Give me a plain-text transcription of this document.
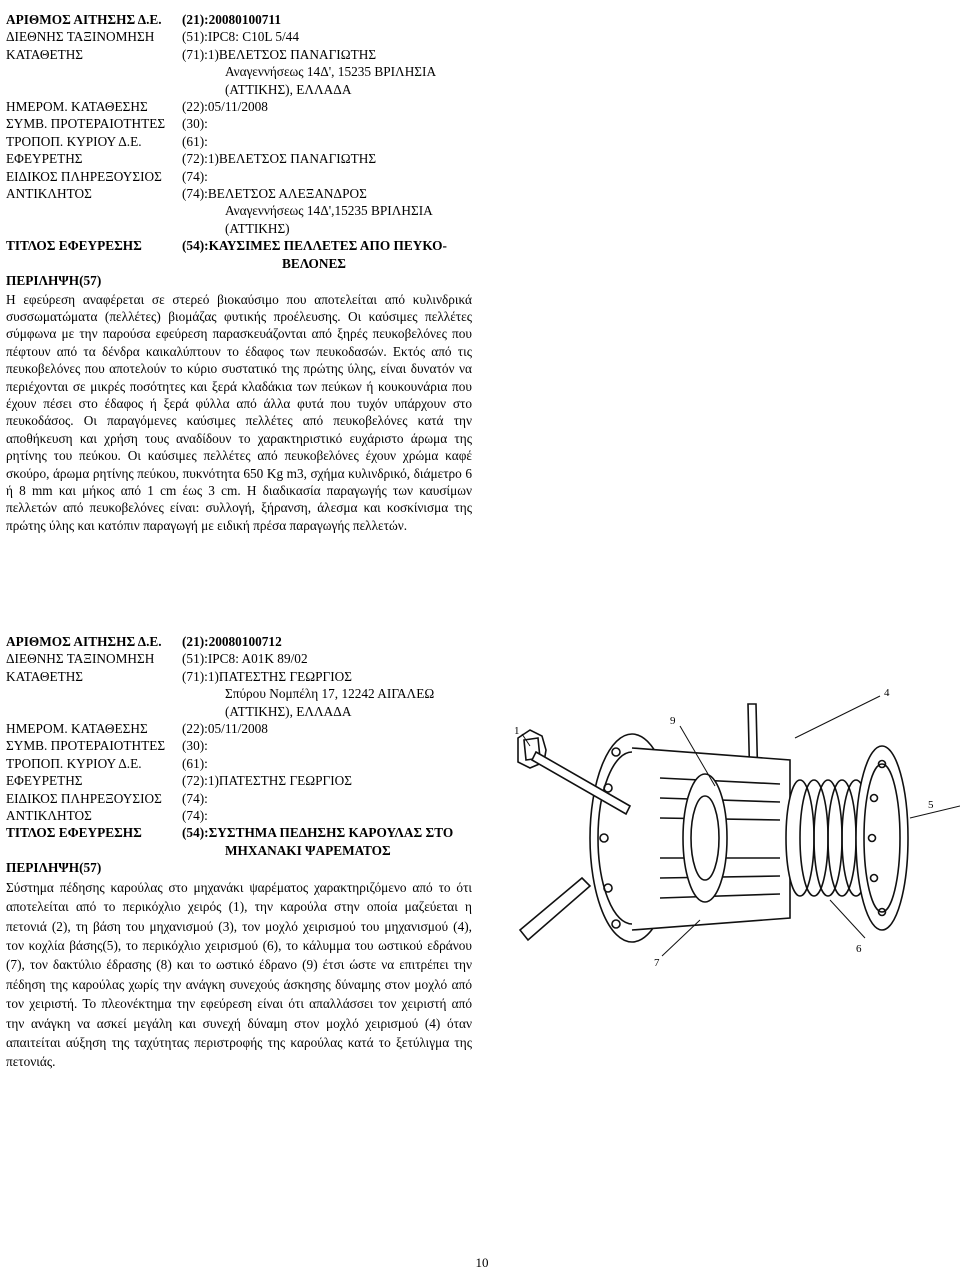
ΑΡΙΘΜΟΣ ΑΙΤΗΣΗΣ Δ.Ε.	(21):20080100711
ΔΙΕΘΝΗΣ ΤΑΞΙΝΟΜΗΣΗ	(51):IPC8: C10L 5/44
ΚΑΤΑΘΕΤΗΣ	(71):1)ΒΕΛΕΤΣΟΣ ΠΑΝΑΓΙΩΤΗΣ
Αναγεννήσεως 14Δ', 15235 ΒΡΙΛΗΣΙΑ
(ΑΤΤΙΚΗΣ), ΕΛΛΑΔΑ
ΗΜΕΡΟΜ. ΚΑΤΑΘΕΣΗΣ	(22):05/11/2008
ΣΥΜΒ. ΠΡΟΤΕΡΑΙΟΤΗΤΕΣ	(30):
ΤΡΟΠΟΠ. ΚΥΡΙΟΥ Δ.Ε.	(61):
ΕΦΕΥΡΕΤΗΣ	(72):1)ΒΕΛΕΤΣΟΣ ΠΑΝΑΓΙΩΤΗΣ
ΕΙΔΙΚΟΣ ΠΛΗΡΕΞΟΥΣΙΟΣ	(74):
ΑΝΤΙΚΛΗΤΟΣ	(74):ΒΕΛΕΤΣΟΣ ΑΛΕΞΑΝΔΡΟΣ
Αναγεννήσεως 14Δ',15235 ΒΡΙΛΗΣΙΑ
(ΑΤΤΙΚΗΣ)
ΤΙΤΛΟΣ ΕΦΕΥΡΕΣΗΣ	(54):ΚΑΥΣΙΜΕΣ ΠΕΛΛΕΤΕΣ ΑΠΟ ΠΕΥΚΟ-
ΒΕΛΟΝΕΣ
ΠΕΡΙΛΗΨΗ(57)
Η εφεύρεση αναφέρεται σε στερεό βιοκαύσιμο που αποτελείται από κυλινδρικά συσσωματώματα (πελλέτες) βιομάζας φυτικής προέλευσης. Οι καύσιμες πελλέτες σύμφωνα με την παρούσα εφεύρεση παρασκευάζονται από ξηρές πευκοβελόνες που πέφτουν από τα δένδρα καικαλύπτουν το έδαφος των πευκοδασών. Εκτός από τις πευκοβελόνες που αποτελούν το κύριο συστατικό της πρώτης ύλης, είναι δυνατόν να περιέχονται σε μικρές ποσότητες και ξερά κλαδάκια των πεύκων ή κουκουνάρια που έχουν πέσει στο έδαφος ή ξερά φύλλα από άλλα φυτά που τυχόν υπάρχουν στο πευκοδάσος. Οι παραγόμενες καύσιμες πελλέτες από πευκοβελόνες κατά την αποθήκευση και χρήση τους αναδίδουν το χαρακτηριστικό ευχάριστο άρωμα της ρητίνης του πεύκου. Οι καύσιμες πελλέτες από πευκοβελόνες έχουν χρώμα καφέ σκούρο, άρωμα ρητίνης πεύκου, πυκνότητα 650 Kg m3, σχήμα κυλινδρικό, διάμετρο 6 ή 8 mm και μήκος από 1 cm έως 3 cm. Η διαδικασία παραγωγής των καυσίμων πελλετών από πευκοβελόνες είναι: συλλογή, ξήρανση, άλεσμα και κοσκίνισμα της πρώτης ύλης και κατόπιν παραγωγή με ειδική πρέσα παραγωγής πελλετών.
ΑΡΙΘΜΟΣ ΑΙΤΗΣΗΣ Δ.Ε.	(21):20080100712
ΔΙΕΘΝΗΣ ΤΑΞΙΝΟΜΗΣΗ	(51):IPC8: A01K 89/02
ΚΑΤΑΘΕΤΗΣ	(71):1)ΠΑΤΕΣΤΗΣ ΓΕΩΡΓΙΟΣ
Σπύρου Νομπέλη 17, 12242 ΑΙΓΑΛΕΩ
(ΑΤΤΙΚΗΣ), ΕΛΛΑΔΑ
ΗΜΕΡΟΜ. ΚΑΤΑΘΕΣΗΣ	(22):05/11/2008
ΣΥΜΒ. ΠΡΟΤΕΡΑΙΟΤΗΤΕΣ	(30):
ΤΡΟΠΟΠ. ΚΥΡΙΟΥ Δ.Ε.	(61):
ΕΦΕΥΡΕΤΗΣ	(72):1)ΠΑΤΕΣΤΗΣ ΓΕΩΡΓΙΟΣ
ΕΙΔΙΚΟΣ ΠΛΗΡΕΞΟΥΣΙΟΣ	(74):
ΑΝΤΙΚΛΗΤΟΣ	(74):
ΤΙΤΛΟΣ ΕΦΕΥΡΕΣΗΣ	(54):ΣΥΣΤΗΜΑ ΠΕΔΗΣΗΣ ΚΑΡΟΥΛΑΣ ΣΤΟ
ΜΗΧΑΝΑΚΙ ΨΑΡΕΜΑΤΟΣ
ΠΕΡΙΛΗΨΗ(57)
Σύστημα πέδησης καρούλας στο μηχανάκι ψαρέματος χαρακτηριζόμενο από το ότι αποτελείται από το περικόχλιο χειρός (1), την καρούλα στην οποία μαζεύεται η πετονιά (2), τη βάση του μηχανισμού (3), τον μοχλό χειρισμού του μηχανισμού (4), τον κοχλία βάσης(5), το περικόχλιο χειρισμού (6), το κάλυμμα του ωστικού εδράνου (7), τον δακτύλιο έδρασης (8) και το ωστικό έδρανο (9) έτσι ώστε να επιτρέπει την πέδηση της καρούλας χωρίς την ανάγκη συνεχούς άσκησης δύναμης στον μοχλό από τον χειριστή. Το πλεονέκτημα την εφεύρεση είναι ότι απαλλάσσει τον χειριστή από την ανάγκη να ασκεί μεγάλη και συνεχή δύναμη στον μοχλό χειρισμού (4) όταν απαιτείται αύξηση της ταχύτητας περιστροφής της καρούλας κατά το ξετύλιγμα της πετονιάς.
1
9
4
5
6
7
10
